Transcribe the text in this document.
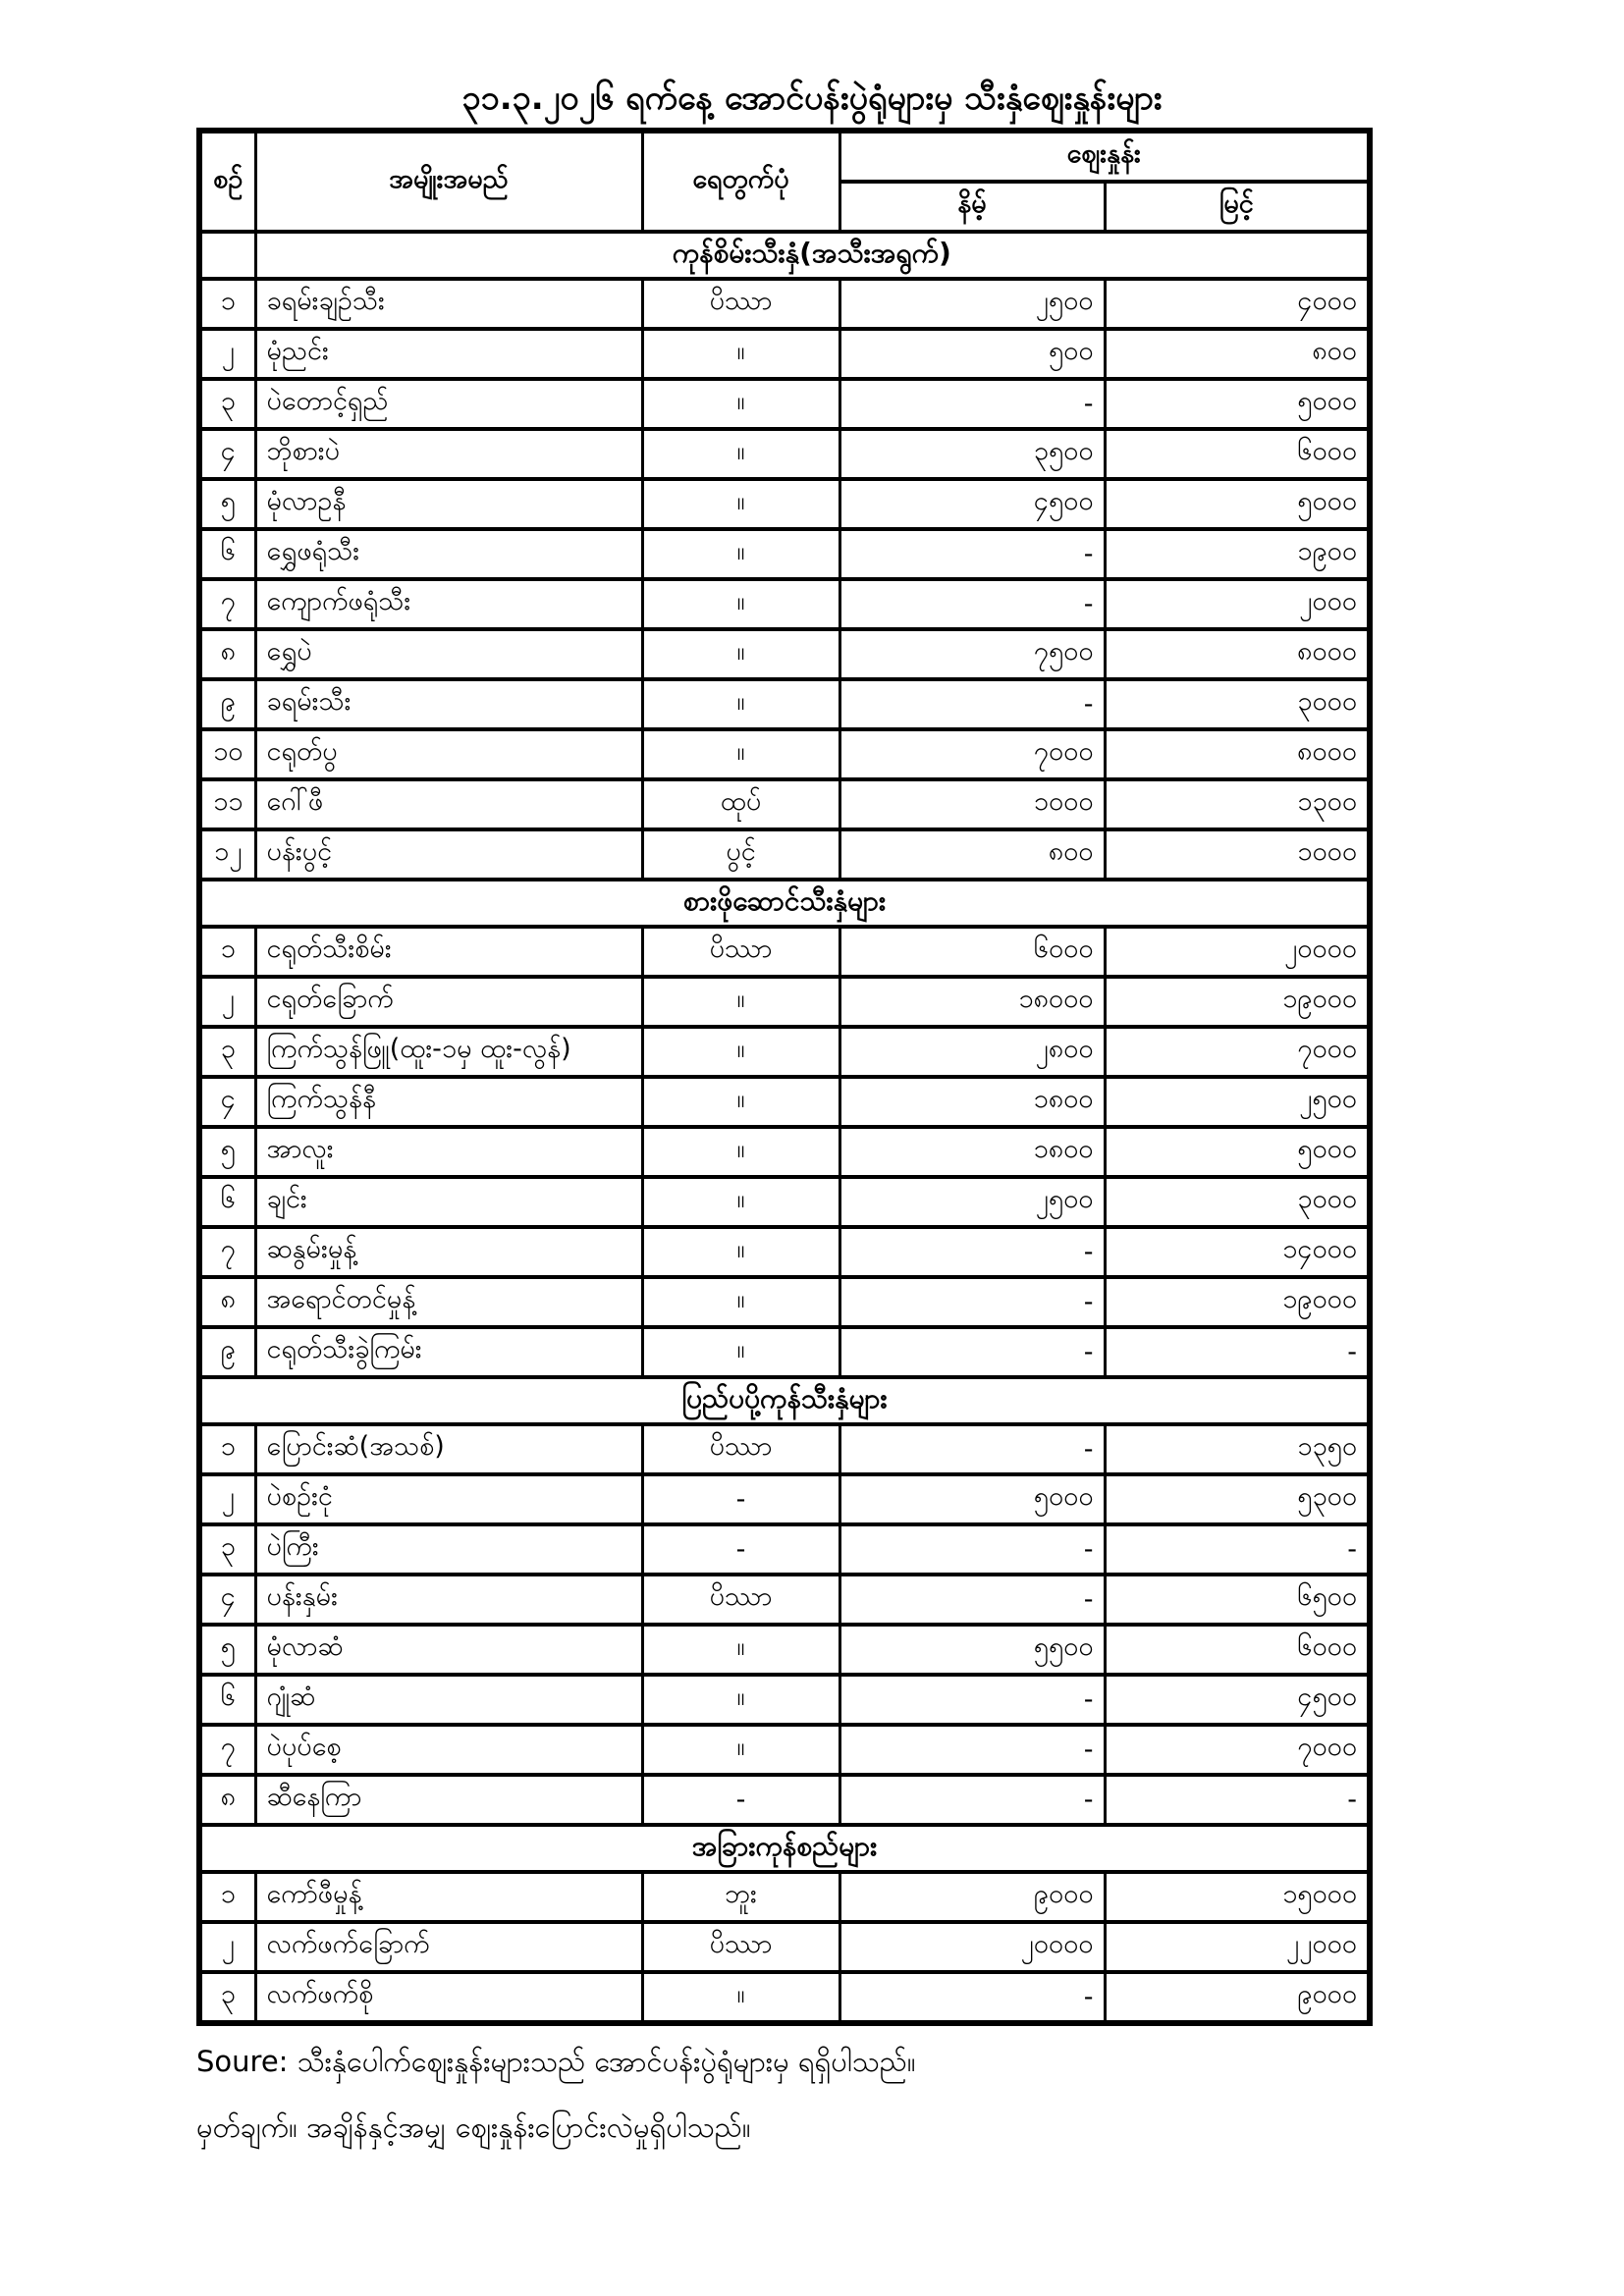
၃၁.၃.၂၀၂၆ ရက်နေ့ အောင်ပန်းပွဲရုံများမှ သီးနှံဈေးနှုန်းများ
စဉ်	အမျိုးအမည်	ရေတွက်ပုံ	ဈေးနှုန်း	
			နိမ့်	မြင့်
	ကုန်စိမ်းသီးနှံ(အသီးအရွက်)			
၁	ခရမ်းချဉ်သီး	ပိဿာ	၂၅၀၀	၄၀၀၀
၂	မုံညင်း	။	၅၀၀	၈၀၀
၃	ပဲတောင့်ရှည်	။	-	၅၀၀၀
၄	ဘိုစားပဲ	။	၃၅၀၀	၆၀၀၀
၅	မုံလာဥနီ	။	၄၅၀၀	၅၀၀၀
၆	ရွှေဖရုံသီး	။	-	၁၉၀၀
၇	ကျောက်ဖရုံသီး	။	-	၂၀၀၀
၈	ရွှေပဲ	။	၇၅၀၀	၈၀၀၀
၉	ခရမ်းသီး	။	-	၃၀၀၀
၁၀	ငရုတ်ပွ	။	၇၀၀၀	၈၀၀၀
၁၁	ဂေါ်ဖီ	ထုပ်	၁၀၀၀	၁၃၀၀
၁၂	ပန်းပွင့်	ပွင့်	၈၀၀	၁၀၀၀
စားဖိုဆောင်သီးနှံများ				
၁	ငရုတ်သီးစိမ်း	ပိဿာ	၆၀၀၀	၂၀၀၀၀
၂	ငရုတ်ခြောက်	။	၁၈၀၀၀	၁၉၀၀၀
၃	ကြက်သွန်ဖြူ(ထူး-၁မှ ထူး-လွန်)	။	၂၈၀၀	၇၀၀၀
၄	ကြက်သွန်နီ	။	၁၈၀၀	၂၅၀၀
၅	အာလူး	။	၁၈၀၀	၅၀၀၀
၆	ချင်း	။	၂၅၀၀	၃၀၀၀
၇	ဆနွမ်းမှုန့်	။	-	၁၄၀၀၀
၈	အရောင်တင်မှုန့်	။	-	၁၉၀၀၀
၉	ငရုတ်သီးခွဲကြမ်း	။	-	-
ပြည်ပပို့ကုန်သီးနှံများ				
၁	ပြောင်းဆံ(အသစ်)	ပိဿာ	-	၁၃၅၀
၂	ပဲစဉ်းငုံ	-	၅၀၀၀	၅၃၀၀
၃	ပဲကြီး	-	-	-
၄	ပန်းနှမ်း	ပိဿာ	-	၆၅၀၀
၅	မုံလာဆံ	။	၅၅၀၀	၆၀၀၀
၆	ဂျုံဆံ	။	-	၄၅၀၀
၇	ပဲပုပ်စေ့	။	-	၇၀၀၀
၈	ဆီနေကြာ	-	-	-
အခြားကုန်စည်များ				
၁	ကော်ဖီမှုန့်	ဘူး	၉၀၀၀	၁၅၀၀၀
၂	လက်ဖက်ခြောက်	ပိဿာ	၂၀၀၀၀	၂၂၀၀၀
၃	လက်ဖက်စို	။	-	၉၀၀၀

Soure: သီးနှံပေါက်ဈေးနှုန်းများသည် အောင်ပန်းပွဲရုံများမှ ရရှိပါသည်။

မှတ်ချက်။ အချိန်နှင့်အမျှ ဈေးနှုန်းပြောင်းလဲမှုရှိပါသည်။
